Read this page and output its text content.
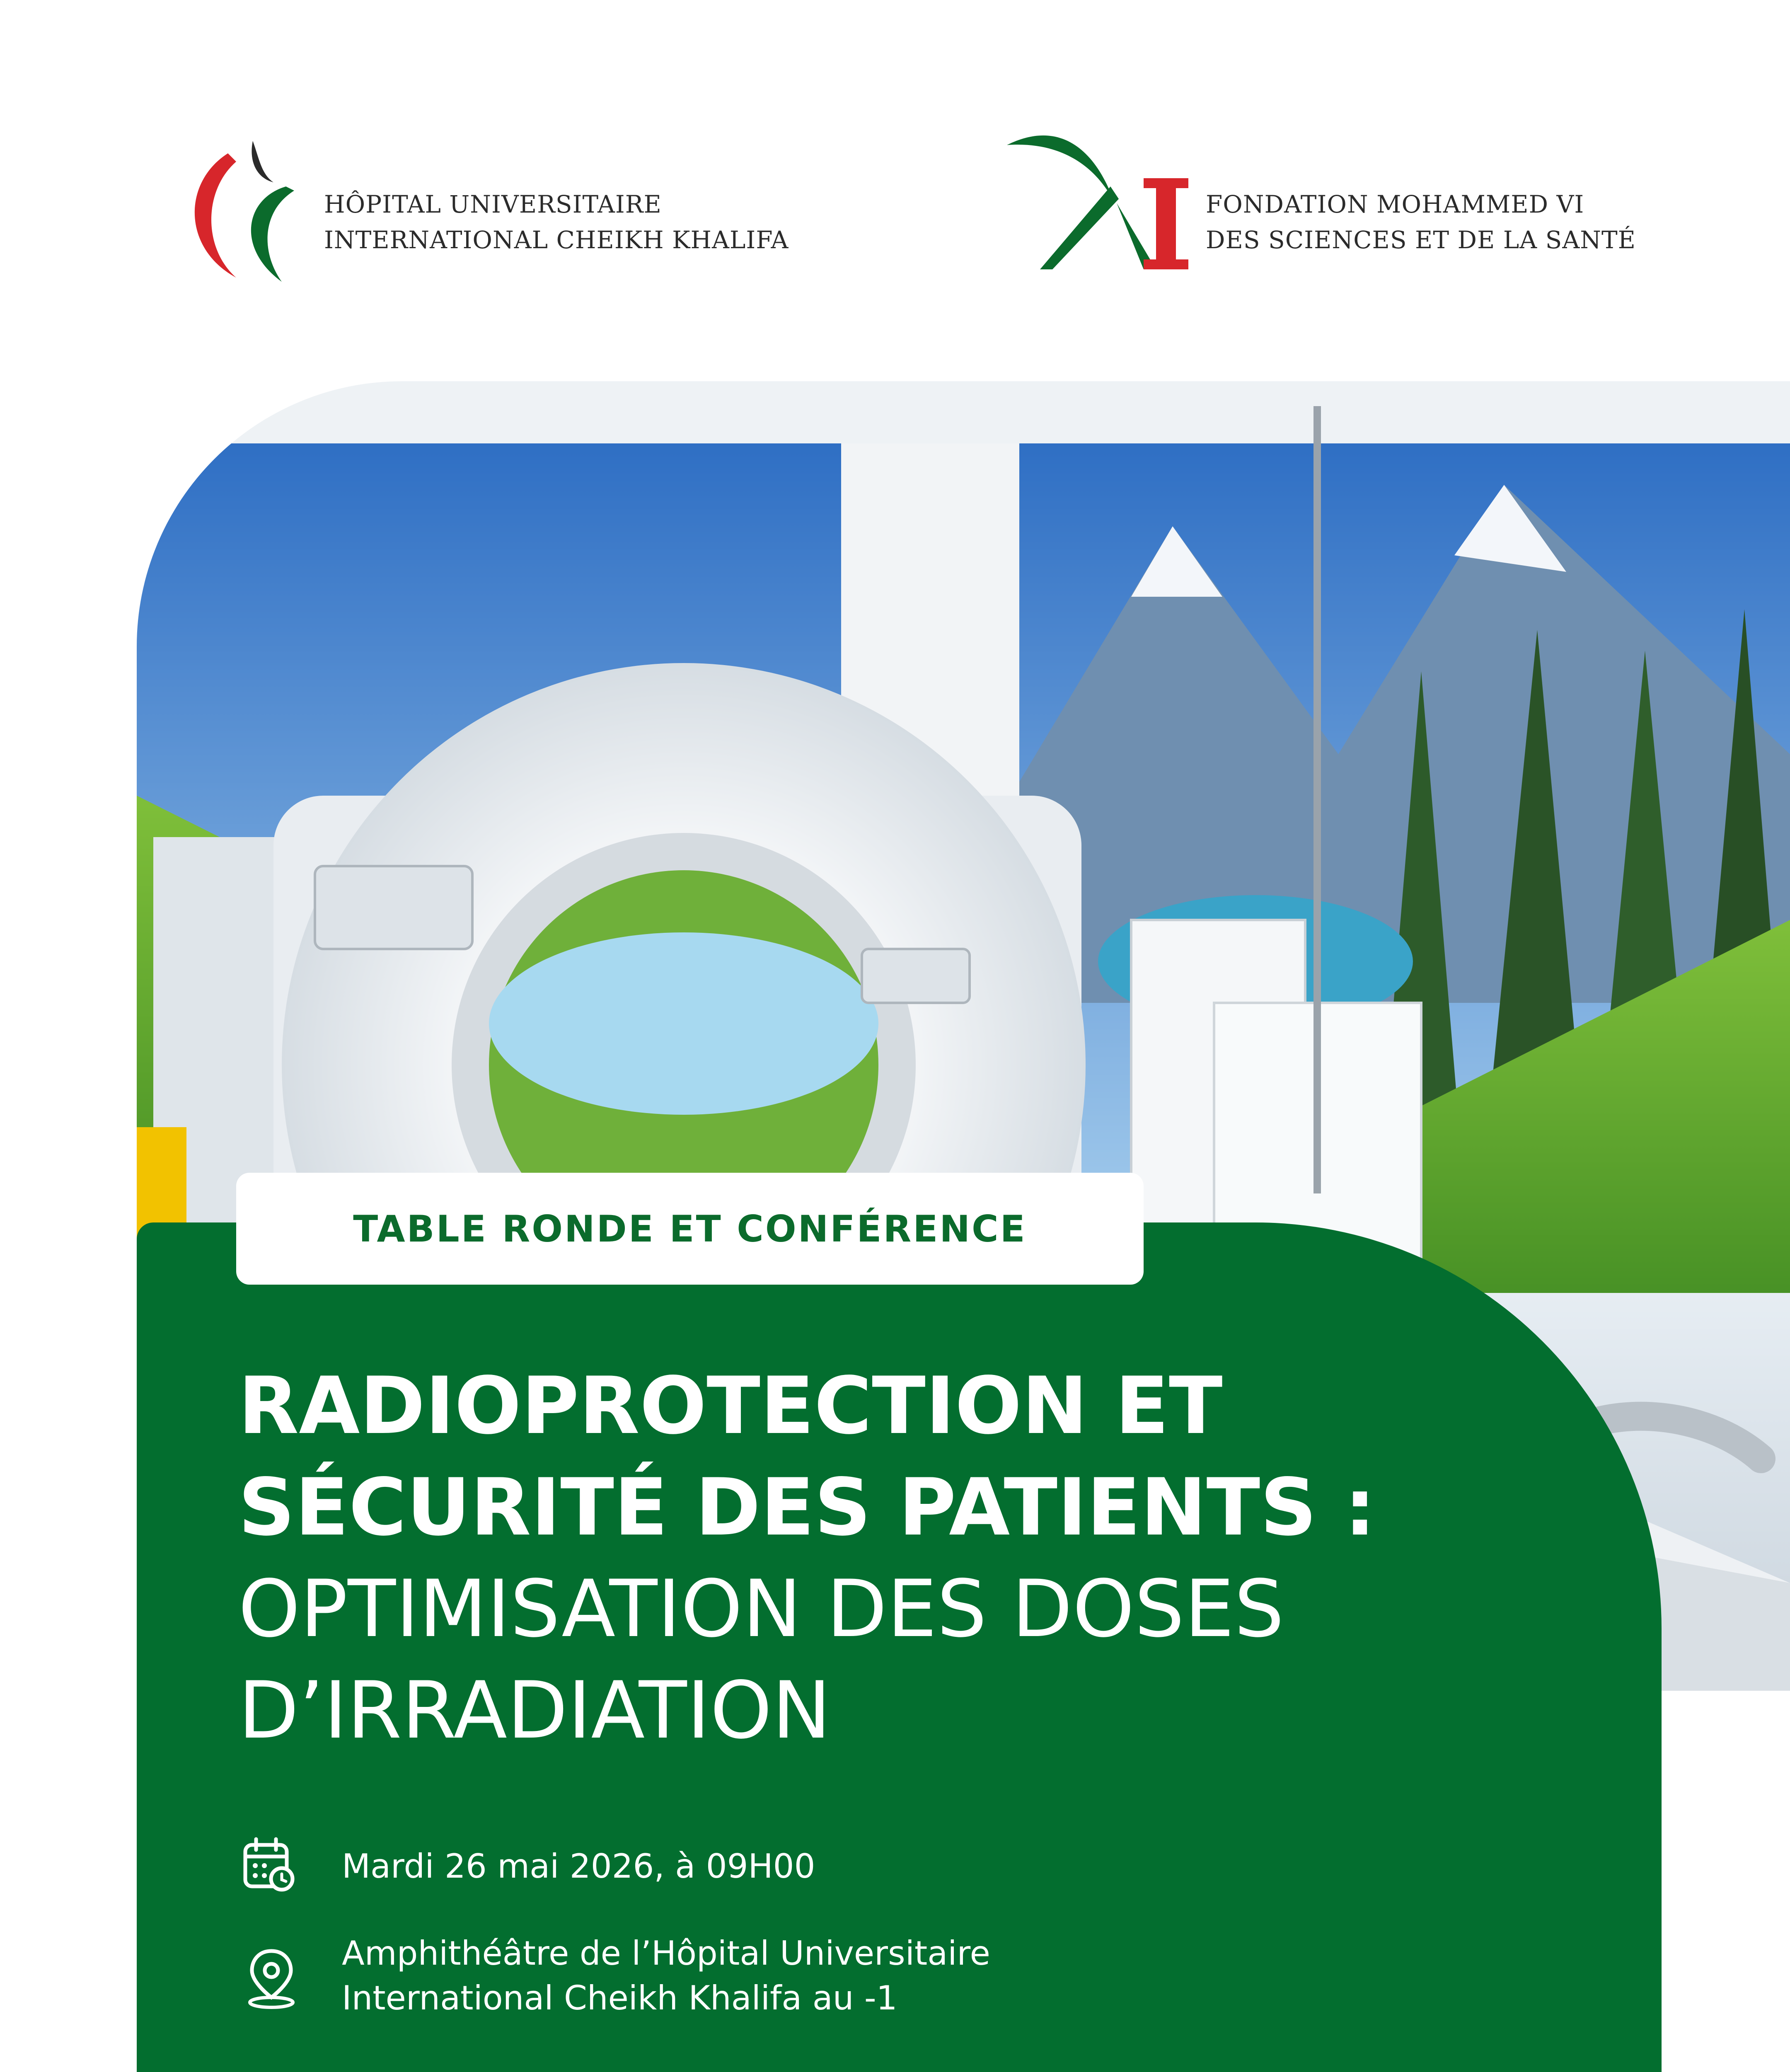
HÔPITAL UNIVERSITAIRE
INTERNATIONAL CHEIKH KHALIFA
FONDATION MOHAMMED VI
DES SCIENCES ET DE LA SANTÉ
TABLE RONDE ET CONFÉRENCE
RADIOPROTECTION ET
SÉCURITÉ DES PATIENTS :
OPTIMISATION DES DOSES
D’IRRADIATION
Mardi 26 mai 2026, à 09H00
Amphithéâtre de l’Hôpital Universitaire
International Cheikh Khalifa au -1
